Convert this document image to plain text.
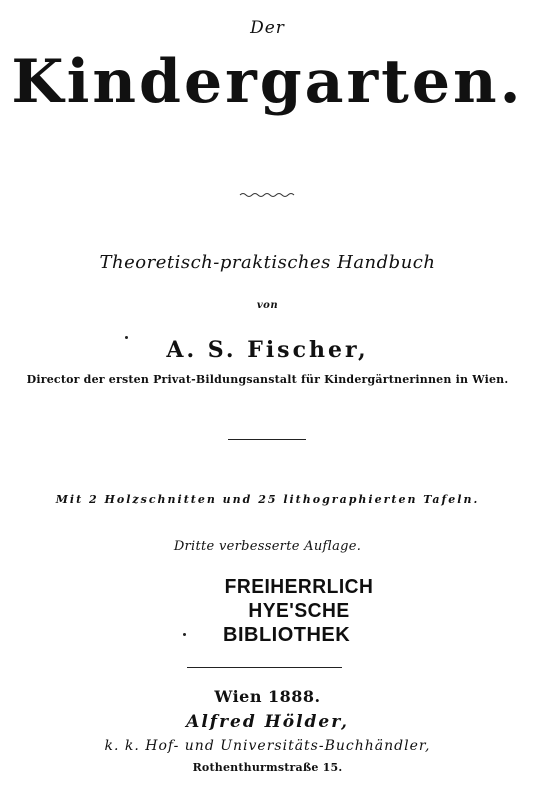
Der
Kindergarten.
Theoretisch-praktisches Handbuch
von
A. S. Fischer,
Director der ersten Privat-Bildungsanstalt für Kindergärtnerinnen in Wien.
Mit 2 Holzschnitten und 25 lithographierten Tafeln.
Dritte verbesserte Auflage.
FREIHERRLICH HYE'SCHE
BIBLIOTHEK
Wien 1888.
Alfred Hölder,
k. k. Hof- und Universitäts-Buchhändler,
Rothenthurmstraße 15.
